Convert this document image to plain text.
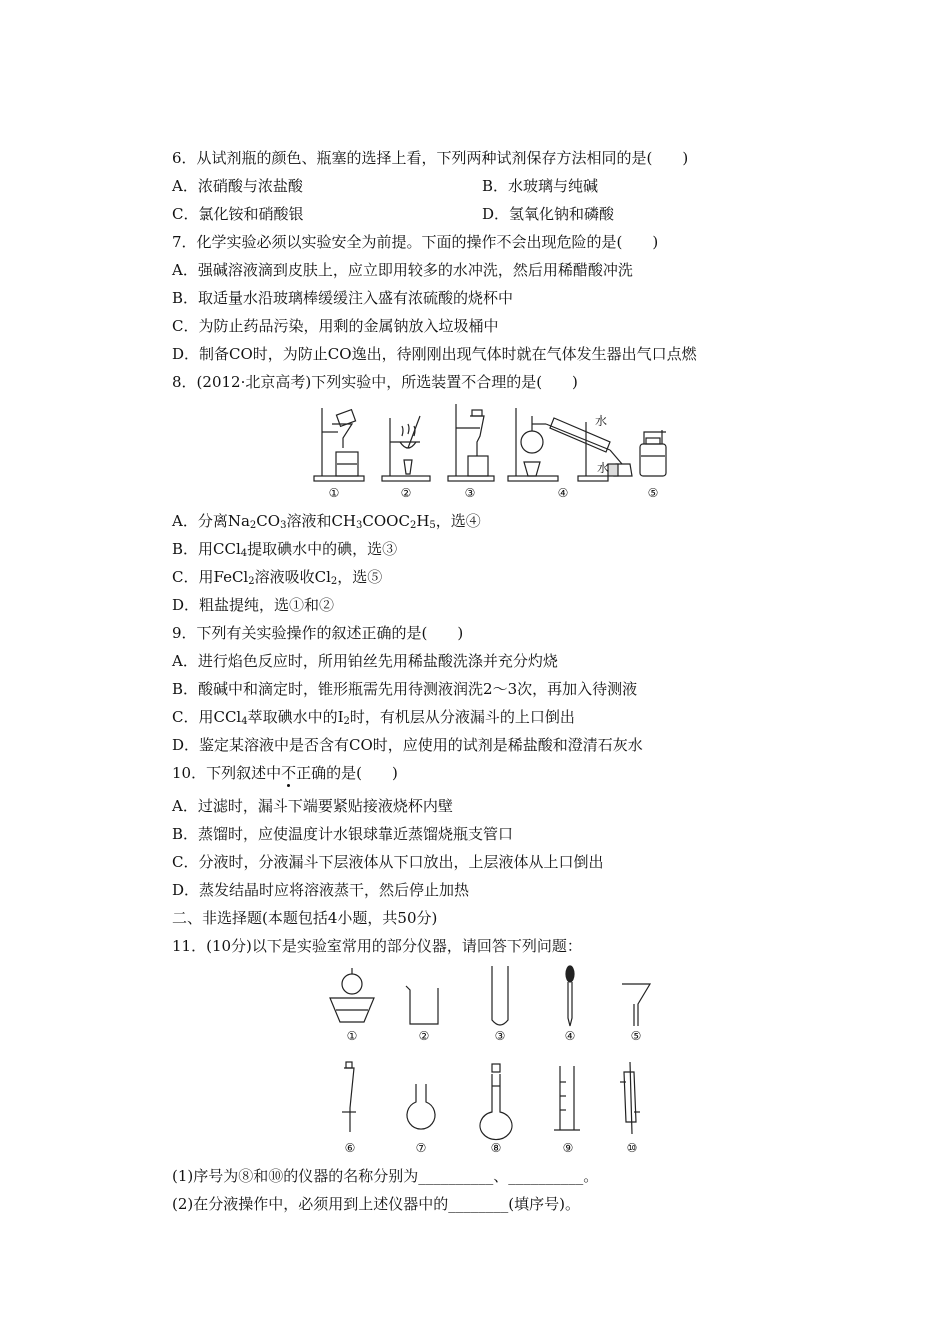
6．从试剂瓶的颜色、瓶塞的选择上看，下列两种试剂保存方法相同的是(　　)
A．浓硝酸与浓盐酸	B．水玻璃与纯碱
C．氯化铵和硝酸银	D．氢氧化钠和磷酸
7．化学实验必须以实验安全为前提。下面的操作不会出现危险的是(　　)
A．强碱溶液滴到皮肤上，应立即用较多的水冲洗，然后用稀醋酸冲洗
B．取适量水沿玻璃棒缓缓注入盛有浓硫酸的烧杯中
C．为防止药品污染，用剩的金属钠放入垃圾桶中
D．制备CO时，为防止CO逸出，待刚刚出现气体时就在气体发生器出气口点燃
8．(2012·北京高考)下列实验中，所选装置不合理的是(　　)
①	②	③
水
水
④	⑤
A．分离$Na_2CO_3$溶液和$CH_3COOC_2H_5$，选④
B．用CCl$_4$提取碘水中的碘，选③
C．用FeCl$_2$溶液吸收$Cl_2$，选⑤
D．粗盐提纯，选①和②
9．下列有关实验操作的叙述正确的是(　　)
A．进行焰色反应时，所用铂丝先用稀盐酸洗涤并充分灼烧
B．酸碱中和滴定时，锥形瓶需先用待测液润洗2～3次，再加入待测液
C．用CCl$_4$萃取碘水中的$I_2$时，有机层从分液漏斗的上口倒出
D．鉴定某溶液中是否含有CO时，应使用的试剂是稀盐酸和澄清石灰水
10．下列叙述中不正确的是(　　)
A．过滤时，漏斗下端要紧贴接液烧杯内壁
B．蒸馏时，应使温度计水银球靠近蒸馏烧瓶支管口
C．分液时，分液漏斗下层液体从下口放出，上层液体从上口倒出
D．蒸发结晶时应将溶液蒸干，然后停止加热
二、非选择题(本题包括4小题，共50分)
11．(10分)以下是实验室常用的部分仪器，请回答下列问题：
①	②	③	④	⑤
⑥	⑦	⑧	⑨	⑩
(1)序号为⑧和⑩的仪器的名称分别为__________、__________。
(2)在分液操作中，必须用到上述仪器中的________(填序号)。
